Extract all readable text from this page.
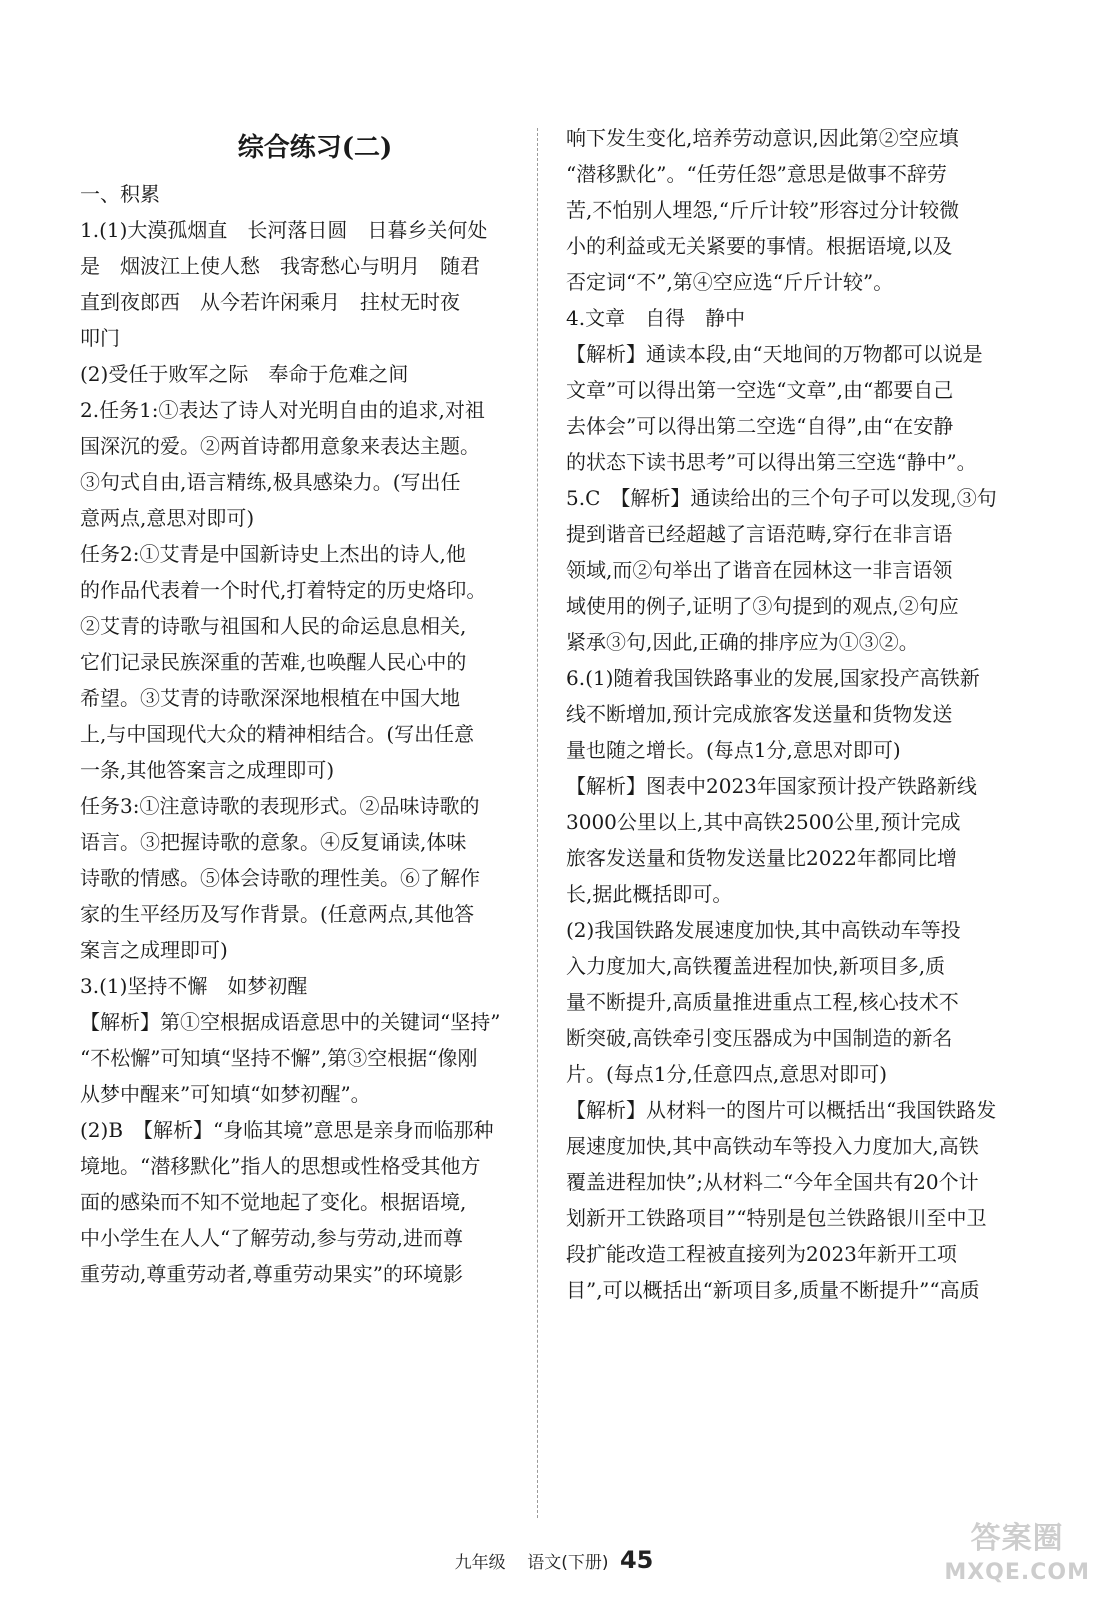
综合练习(二)
一、积累
1.(1)大漠孤烟直　长河落日圆　日暮乡关何处
是　烟波江上使人愁　我寄愁心与明月　随君
直到夜郎西　从今若许闲乘月　拄杖无时夜
叩门
(2)受任于败军之际　奉命于危难之间
2.任务1:①表达了诗人对光明自由的追求,对祖
国深沉的爱。②两首诗都用意象来表达主题。
③句式自由,语言精练,极具感染力。(写出任
意两点,意思对即可)
任务2:①艾青是中国新诗史上杰出的诗人,他
的作品代表着一个时代,打着特定的历史烙印。
②艾青的诗歌与祖国和人民的命运息息相关,
它们记录民族深重的苦难,也唤醒人民心中的
希望。③艾青的诗歌深深地根植在中国大地
上,与中国现代大众的精神相结合。(写出任意
一条,其他答案言之成理即可)
任务3:①注意诗歌的表现形式。②品味诗歌的
语言。③把握诗歌的意象。④反复诵读,体味
诗歌的情感。⑤体会诗歌的理性美。⑥了解作
家的生平经历及写作背景。(任意两点,其他答
案言之成理即可)
3.(1)坚持不懈　如梦初醒
【解析】第①空根据成语意思中的关键词“坚持”
“不松懈”可知填“坚持不懈”,第③空根据“像刚
从梦中醒来”可知填“如梦初醒”。
(2)B　【解析】“身临其境”意思是亲身而临那种
境地。“潜移默化”指人的思想或性格受其他方
面的感染而不知不觉地起了变化。根据语境,
中小学生在人人“了解劳动,参与劳动,进而尊
重劳动,尊重劳动者,尊重劳动果实”的环境影
响下发生变化,培养劳动意识,因此第②空应填
“潜移默化”。“任劳任怨”意思是做事不辞劳
苦,不怕别人埋怨,“斤斤计较”形容过分计较微
小的利益或无关紧要的事情。根据语境,以及
否定词“不”,第④空应选“斤斤计较”。
4.文章　自得　静中
【解析】通读本段,由“天地间的万物都可以说是
文章”可以得出第一空选“文章”,由“都要自己
去体会”可以得出第二空选“自得”,由“在安静
的状态下读书思考”可以得出第三空选“静中”。
5.C　【解析】通读给出的三个句子可以发现,③句
提到谐音已经超越了言语范畴,穿行在非言语
领域,而②句举出了谐音在园林这一非言语领
域使用的例子,证明了③句提到的观点,②句应
紧承③句,因此,正确的排序应为①③②。
6.(1)随着我国铁路事业的发展,国家投产高铁新
线不断增加,预计完成旅客发送量和货物发送
量也随之增长。(每点1分,意思对即可)
【解析】图表中2023年国家预计投产铁路新线
3000公里以上,其中高铁2500公里,预计完成
旅客发送量和货物发送量比2022年都同比增
长,据此概括即可。
(2)我国铁路发展速度加快,其中高铁动车等投
入力度加大,高铁覆盖进程加快,新项目多,质
量不断提升,高质量推进重点工程,核心技术不
断突破,高铁牵引变压器成为中国制造的新名
片。(每点1分,任意四点,意思对即可)
【解析】从材料一的图片可以概括出“我国铁路发
展速度加快,其中高铁动车等投入力度加大,高铁
覆盖进程加快”;从材料二“今年全国共有20个计
划新开工铁路项目”“特别是包兰铁路银川至中卫
段扩能改造工程被直接列为2023年新开工项
目”,可以概括出“新项目多,质量不断提升”“高质
九年级 语文(下册) 45
答案圈
MXQE.COM
